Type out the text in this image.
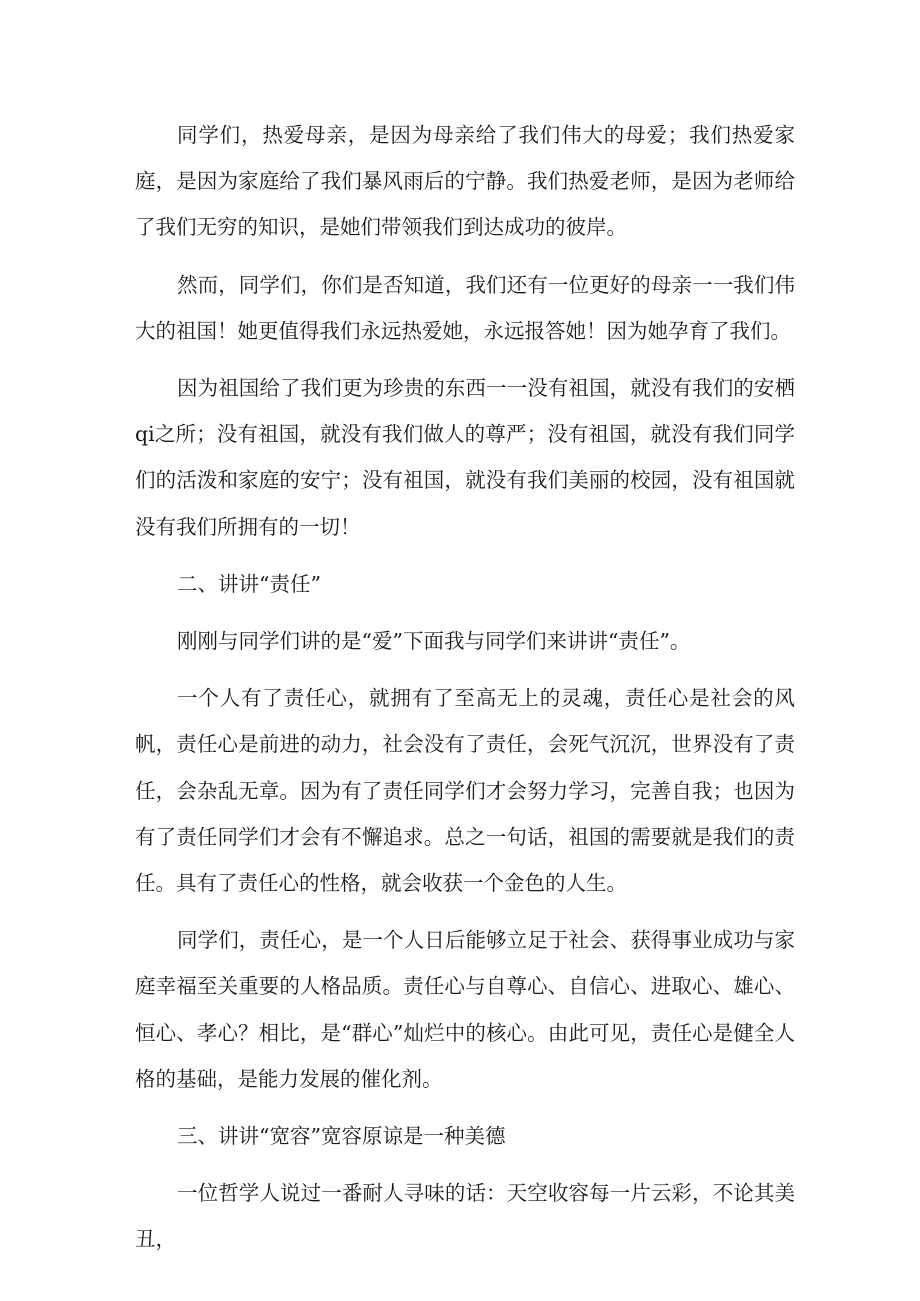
同学们，热爱母亲，是因为母亲给了我们伟大的母爱；我们热爱家庭，是因为家庭给了我们暴风雨后的宁静。我们热爱老师，是因为老师给了我们无穷的知识，是她们带领我们到达成功的彼岸。

然而，同学们，你们是否知道，我们还有一位更好的母亲一一我们伟大的祖国！她更值得我们永远热爱她，永远报答她！因为她孕育了我们。

因为祖国给了我们更为珍贵的东西一一没有祖国，就没有我们的安栖qi之所；没有祖国，就没有我们做人的尊严；没有祖国，就没有我们同学们的活泼和家庭的安宁；没有祖国，就没有我们美丽的校园，没有祖国就没有我们所拥有的一切！

二、讲讲“责任”

刚刚与同学们讲的是“爱”下面我与同学们来讲讲“责任”。

一个人有了责任心，就拥有了至高无上的灵魂，责任心是社会的风帆，责任心是前进的动力，社会没有了责任，会死气沉沉，世界没有了责任，会杂乱无章。因为有了责任同学们才会努力学习，完善自我；也因为有了责任同学们才会有不懈追求。总之一句话，祖国的需要就是我们的责任。具有了责任心的性格，就会收获一个金色的人生。

同学们，责任心，是一个人日后能够立足于社会、获得事业成功与家庭幸福至关重要的人格品质。责任心与自尊心、自信心、进取心、雄心、恒心、孝心？相比，是“群心”灿烂中的核心。由此可见，责任心是健全人格的基础，是能力发展的催化剂。

三、讲讲“宽容”宽容原谅是一种美德

一位哲学人说过一番耐人寻味的话：天空收容每一片云彩，不论其美丑，
